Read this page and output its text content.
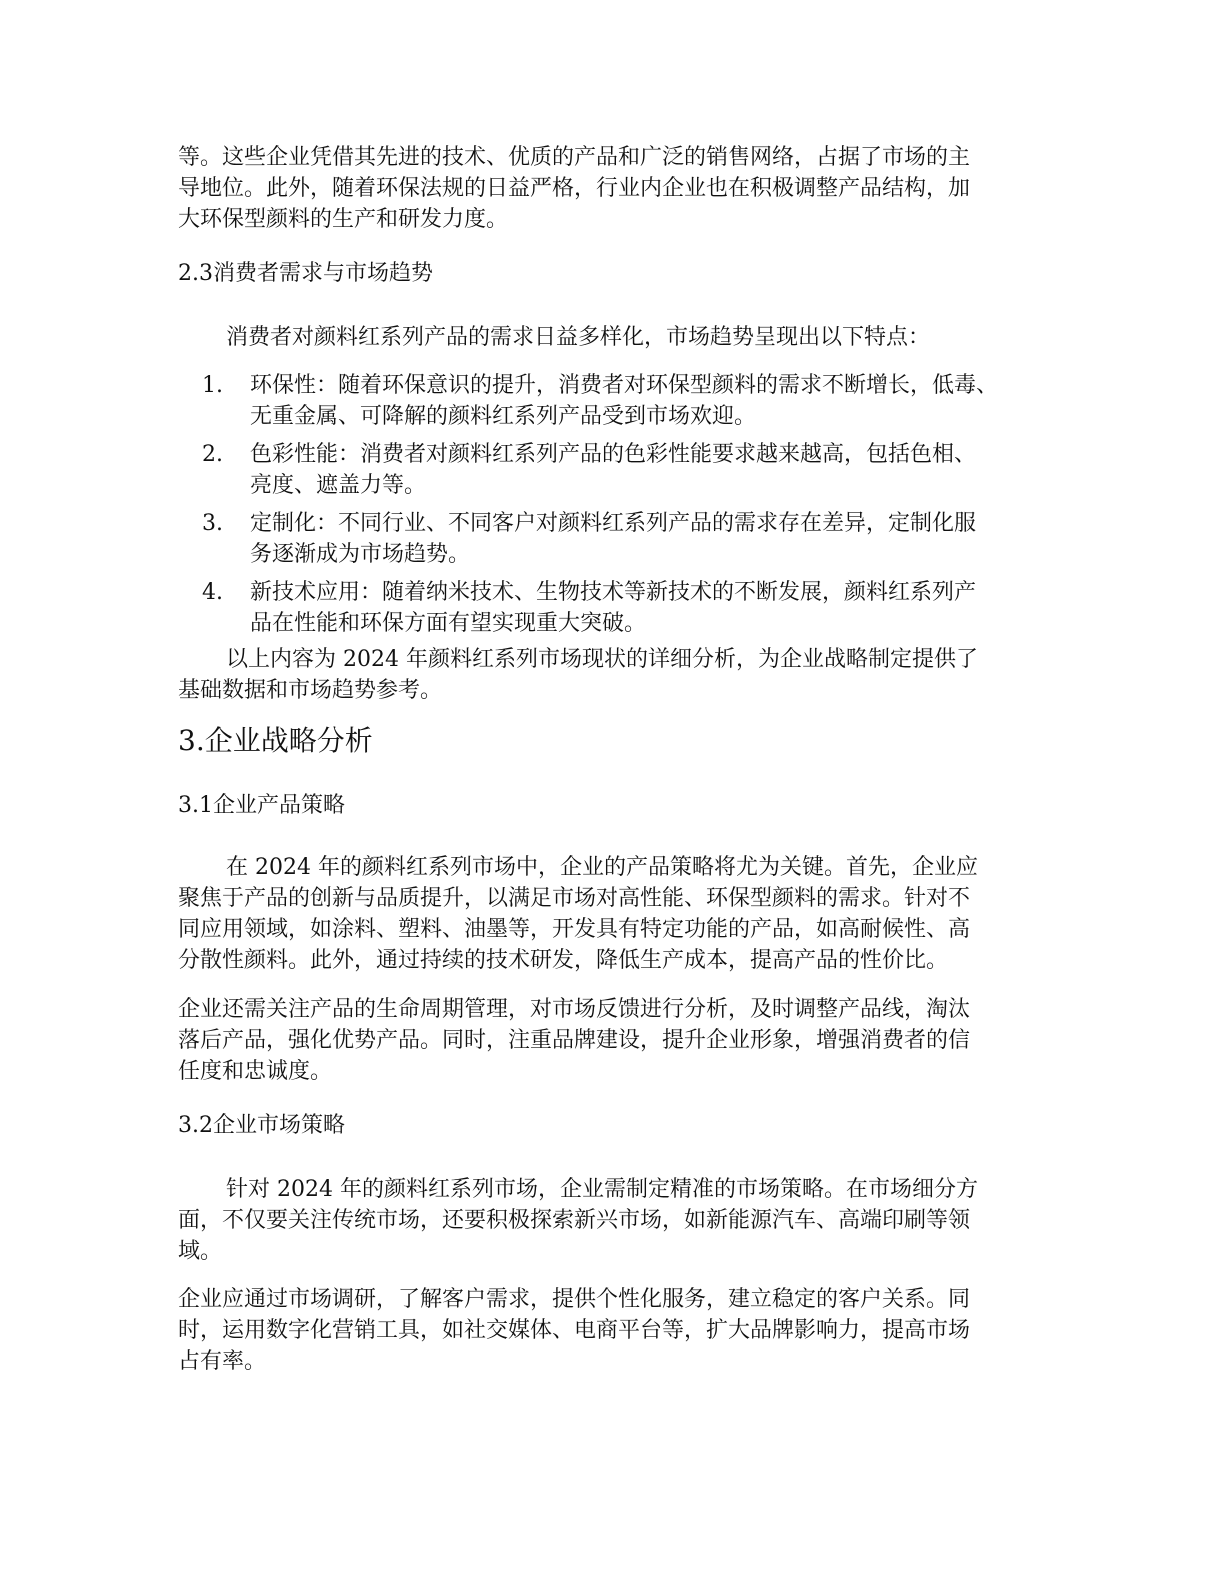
等。这些企业凭借其先进的技术、优质的产品和广泛的销售网络，占据了市场的主
导地位。此外，随着环保法规的日益严格，行业内企业也在积极调整产品结构，加
大环保型颜料的生产和研发力度。
2.3消费者需求与市场趋势
消费者对颜料红系列产品的需求日益多样化，市场趋势呈现出以下特点：
1. 环保性：随着环保意识的提升，消费者对环保型颜料的需求不断增长，低毒、
无重金属、可降解的颜料红系列产品受到市场欢迎。
2. 色彩性能：消费者对颜料红系列产品的色彩性能要求越来越高，包括色相、
亮度、遮盖力等。
3. 定制化：不同行业、不同客户对颜料红系列产品的需求存在差异，定制化服
务逐渐成为市场趋势。
4. 新技术应用：随着纳米技术、生物技术等新技术的不断发展，颜料红系列产
品在性能和环保方面有望实现重大突破。
以上内容为 2024 年颜料红系列市场现状的详细分析，为企业战略制定提供了
基础数据和市场趋势参考。
3.企业战略分析
3.1企业产品策略
在 2024 年的颜料红系列市场中，企业的产品策略将尤为关键。首先，企业应
聚焦于产品的创新与品质提升，以满足市场对高性能、环保型颜料的需求。针对不
同应用领域，如涂料、塑料、油墨等，开发具有特定功能的产品，如高耐候性、高
分散性颜料。此外，通过持续的技术研发，降低生产成本，提高产品的性价比。
企业还需关注产品的生命周期管理，对市场反馈进行分析，及时调整产品线，淘汰
落后产品，强化优势产品。同时，注重品牌建设，提升企业形象，增强消费者的信
任度和忠诚度。
3.2企业市场策略
针对 2024 年的颜料红系列市场，企业需制定精准的市场策略。在市场细分方
面，不仅要关注传统市场，还要积极探索新兴市场，如新能源汽车、高端印刷等领
域。
企业应通过市场调研，了解客户需求，提供个性化服务，建立稳定的客户关系。同
时，运用数字化营销工具，如社交媒体、电商平台等，扩大品牌影响力，提高市场
占有率。
